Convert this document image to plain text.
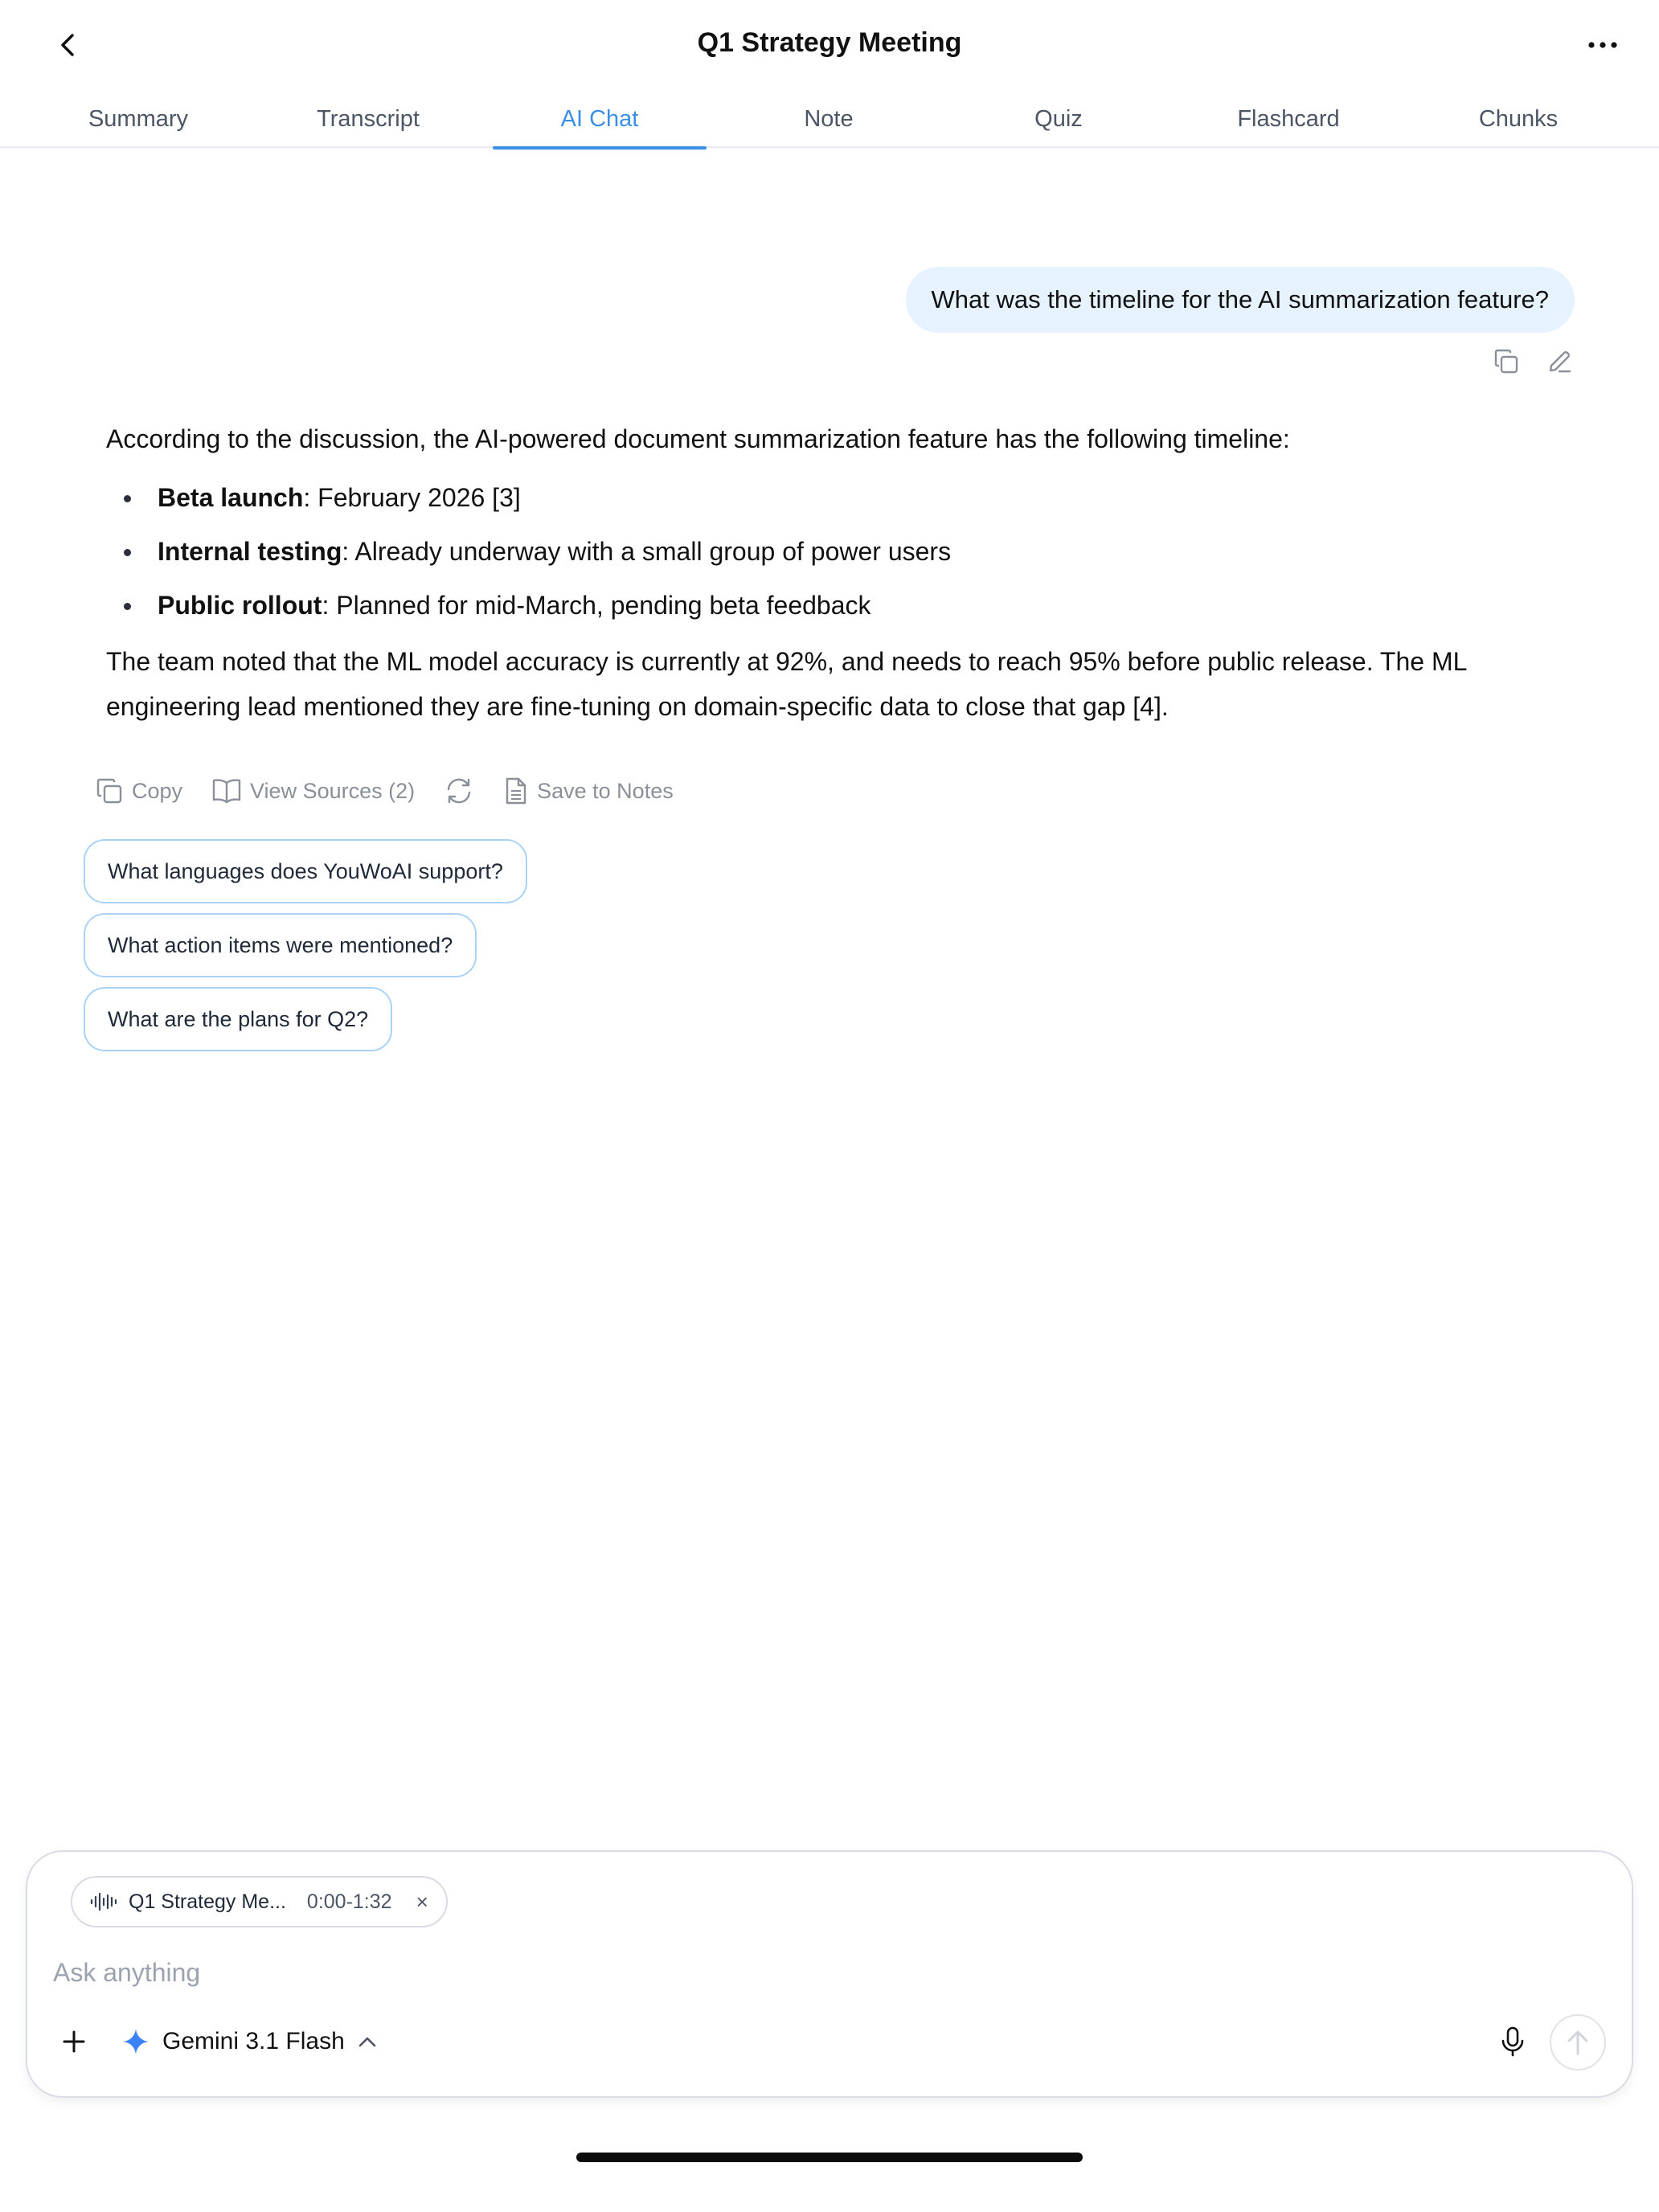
Q1 Strategy Meeting
Summary	Transcript	AI Chat	Note	Quiz	Flashcard	Chunks
What was the timeline for the AI summarization feature?

According to the discussion, the AI-powered document summarization feature has the following timeline:

Beta launch: February 2026 [3]
Internal testing: Already underway with a small group of power users
Public rollout: Planned for mid-March, pending beta feedback

The team noted that the ML model accuracy is currently at 92%, and needs to reach 95% before public release. The ML engineering lead mentioned they are fine-tuning on domain-specific data to close that gap [4].

Copy	View Sources (2)	Save to Notes
What languages does YouWoAI support?
What action items were mentioned?
What are the plans for Q2?
Q1 Strategy Me... 0:00-1:32 ×
Ask anything
Gemini 3.1 Flash
